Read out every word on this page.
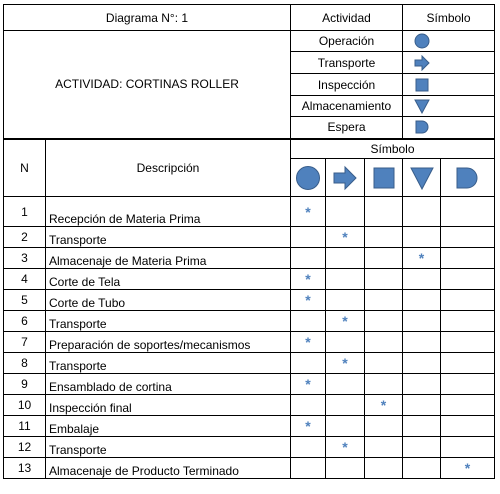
Diagrama N°: 1		Actividad			Símbolo	
ACTIVIDAD: CORTINAS ROLLER		Operación		
		Transporte		
		Inspección		
		Almacenamiento		
		Espera		
N	Descripción	Símbolo				

1	Recepción de Materia Prima	*				
2	Transporte		*			
3	Almacenaje de Materia Prima				*	
4	Corte de Tela	*				
5	Corte de Tubo	*				
6	Transporte		*			
7	Preparación de soportes/mecanismos	*				
8	Transporte		*			
9	Ensamblado de cortina	*				
10	Inspección final			*		
11	Embalaje	*				
12	Transporte		*			
13	Almacenaje de Producto Terminado					*
